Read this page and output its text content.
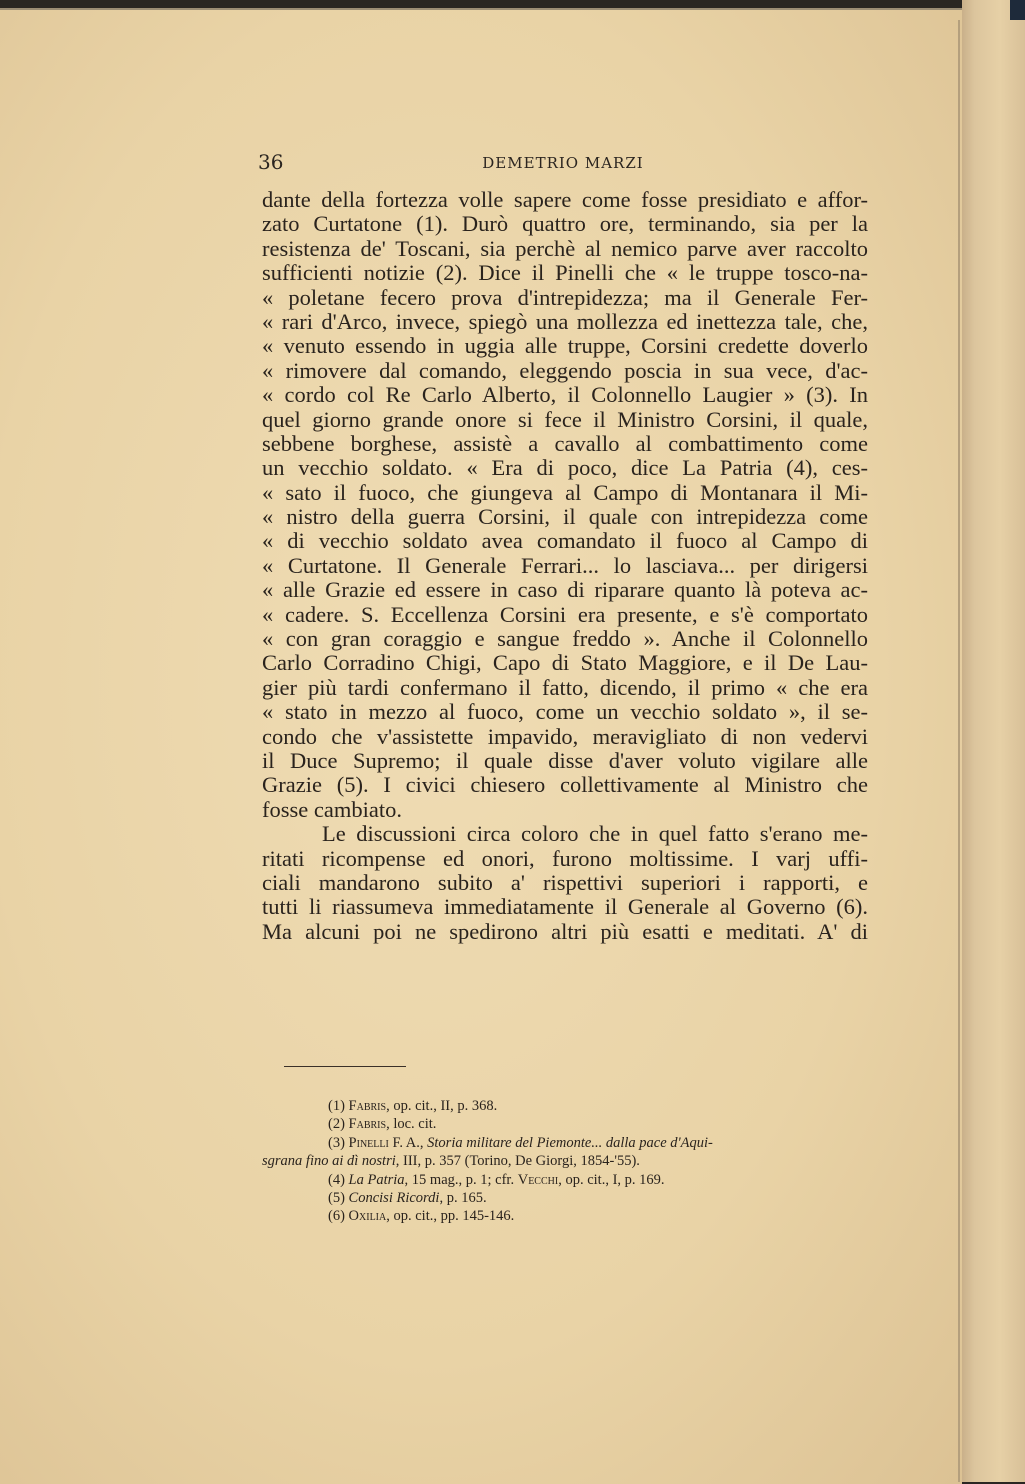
36	DEMETRIO MARZI
dante della fortezza volle sapere come fosse presidiato e affor-
zato Curtatone (1). Durò quattro ore, terminando, sia per la
resistenza de' Toscani, sia perchè al nemico parve aver raccolto
sufficienti notizie (2). Dice il Pinelli che « le truppe tosco-na-
« poletane fecero prova d'intrepidezza; ma il Generale Fer-
« rari d'Arco, invece, spiegò una mollezza ed inettezza tale, che,
« venuto essendo in uggia alle truppe, Corsini credette doverlo
« rimovere dal comando, eleggendo poscia in sua vece, d'ac-
« cordo col Re Carlo Alberto, il Colonnello Laugier » (3). In
quel giorno grande onore si fece il Ministro Corsini, il quale,
sebbene borghese, assistè a cavallo al combattimento come
un vecchio soldato. « Era di poco, dice La Patria (4), ces-
« sato il fuoco, che giungeva al Campo di Montanara il Mi-
« nistro della guerra Corsini, il quale con intrepidezza come
« di vecchio soldato avea comandato il fuoco al Campo di
« Curtatone. Il Generale Ferrari... lo lasciava... per dirigersi
« alle Grazie ed essere in caso di riparare quanto là poteva ac-
« cadere. S. Eccellenza Corsini era presente, e s'è comportato
« con gran coraggio e sangue freddo ». Anche il Colonnello
Carlo Corradino Chigi, Capo di Stato Maggiore, e il De Lau-
gier più tardi confermano il fatto, dicendo, il primo « che era
« stato in mezzo al fuoco, come un vecchio soldato », il se-
condo che v'assistette impavido, meravigliato di non vedervi
il Duce Supremo; il quale disse d'aver voluto vigilare alle
Grazie (5). I civici chiesero collettivamente al Ministro che
fosse cambiato.
Le discussioni circa coloro che in quel fatto s'erano me-
ritati ricompense ed onori, furono moltissime. I varj uffi-
ciali mandarono subito a' rispettivi superiori i rapporti, e
tutti li riassumeva immediatamente il Generale al Governo (6).
Ma alcuni poi ne spedirono altri più esatti e meditati. A' di
(1) Fabris, op. cit., II, p. 368.
(2) Fabris, loc. cit.
(3) Pinelli F. A., Storia militare del Piemonte... dalla pace d'Aqui-
sgrana fino ai dì nostri, III, p. 357 (Torino, De Giorgi, 1854-'55).
(4) La Patria, 15 mag., p. 1; cfr. Vecchi, op. cit., I, p. 169.
(5) Concisi Ricordi, p. 165.
(6) Oxilia, op. cit., pp. 145-146.
